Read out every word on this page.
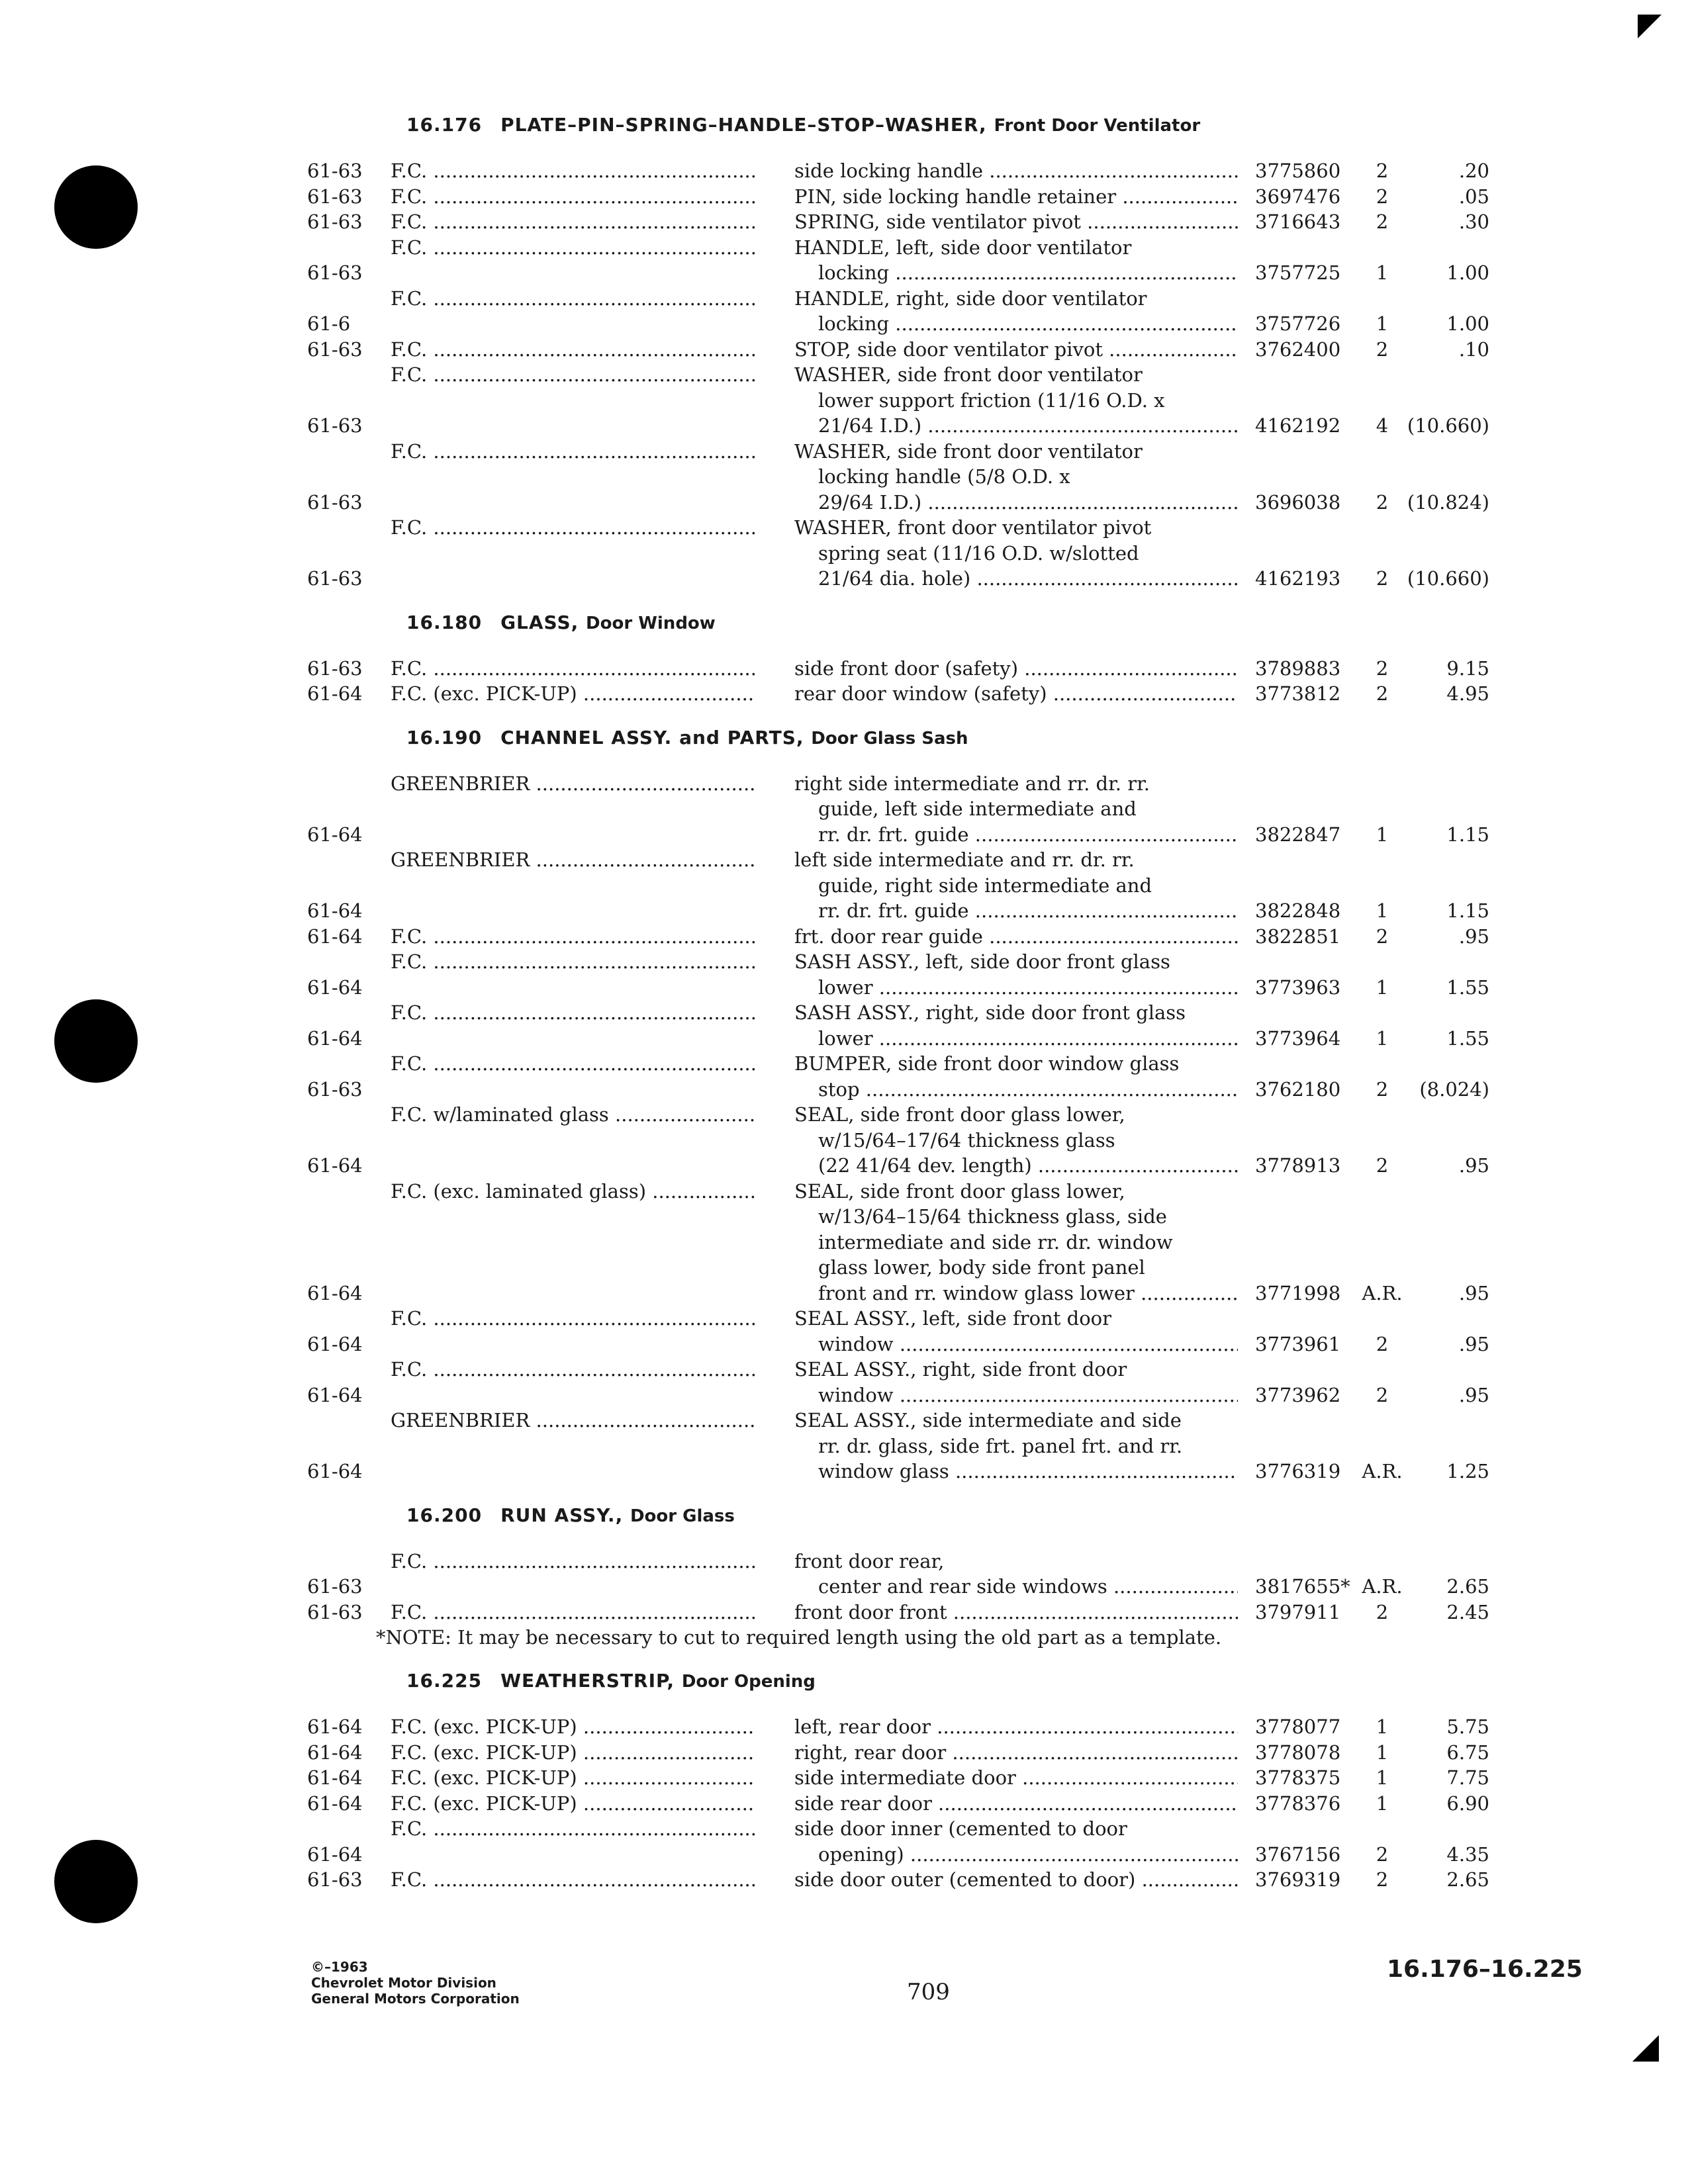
16.176 PLATE–PIN–SPRING–HANDLE–STOP–WASHER, Front Door Ventilator
61-63	F.C. .....	side locking handle .....	3775860	2	.20
61-63	F.C. .....	PIN, side locking handle retainer .....	3697476	2	.05
61-63	F.C. .....	SPRING, side ventilator pivot .....	3716643	2	.30
61-63
F.C. .....	HANDLE, left, side door ventilator
locking .....	3757725	1	1.00
61-6
F.C. .....	HANDLE, right, side door ventilator
locking .....	3757726	1	1.00
61-63	F.C. .....	STOP, side door ventilator pivot .....	3762400	2	.10
61-63
F.C. .....	WASHER, side front door ventilator
lower support friction (11/16 O.D. x
21/64 I.D.) .....	4162192	4 (10.660)
61-63
F.C. .....	WASHER, side front door ventilator
locking handle (5/8 O.D. x
29/64 I.D.) .....	3696038	2 (10.824)
61-63
F.C. .....	WASHER, front door ventilator pivot
spring seat (11/16 O.D. w/slotted
21/64 dia. hole) .....	4162193	2 (10.660)
16.180 GLASS, Door Window
61-63	F.C. .....	side front door (safety) .....	3789883	2	9.15
61-64	F.C. (exc. PICK-UP) .....	rear door window (safety) .....	3773812	2	4.95
16.190 CHANNEL ASSY. and PARTS, Door Glass Sash
61-64
GREENBRIER .....	right side intermediate and rr. dr. rr.
guide, left side intermediate and
rr. dr. frt. guide .....	3822847	1	1.15
61-64
GREENBRIER .....	left side intermediate and rr. dr. rr.
guide, right side intermediate and
rr. dr. frt. guide .....	3822848	1	1.15
61-64	F.C. .....	frt. door rear guide .....	3822851	2	.95
61-64
F.C. .....	SASH ASSY., left, side door front glass
lower .....	3773963	1	1.55
61-64
F.C. .....	SASH ASSY., right, side door front glass
lower .....	3773964	1	1.55
61-63
F.C. .....	BUMPER, side front door window glass
stop .....	3762180	2	(8.024)
61-64
F.C. w/laminated glass .....	SEAL, side front door glass lower,
w/15/64–17/64 thickness glass
(22 41/64 dev. length) .....	3778913	2	.95
61-64
F.C. (exc. laminated glass) .....	SEAL, side front door glass lower,
w/13/64–15/64 thickness glass, side
intermediate and side rr. dr. window
glass lower, body side front panel
front and rr. window glass lower .....	3771998	A.R.	.95
61-64
F.C. .....	SEAL ASSY., left, side front door
window .....	3773961	2	.95
61-64
F.C. .....	SEAL ASSY., right, side front door
window .....	3773962	2	.95
61-64
GREENBRIER .....	SEAL ASSY., side intermediate and side
rr. dr. glass, side frt. panel frt. and rr.
window glass .....	3776319	A.R.	1.25
16.200 RUN ASSY., Door Glass
61-63
F.C. .....	front door rear,
center and rear side windows .....	3817655* A.R.	2.65
61-63	F.C. .....	front door front .....	3797911	2	2.45
*NOTE: It may be necessary to cut to required length using the old part as a template.
16.225 WEATHERSTRIP, Door Opening
61-64	F.C. (exc. PICK-UP) .....	left, rear door .....	3778077	1	5.75
61-64	F.C. (exc. PICK-UP) .....	right, rear door .....	3778078	1	6.75
61-64	F.C. (exc. PICK-UP) .....	side intermediate door .....	3778375	1	7.75
61-64	F.C. (exc. PICK-UP) .....	side rear door .....	3778376	1	6.90
61-64
F.C. .....	side door inner (cemented to door
opening) .....	3767156	2	4.35
61-63	F.C. .....	side door outer (cemented to door) .....	3769319	2	2.65
©–1963
Chevrolet Motor Division
General Motors Corporation	709
16.176–16.225
